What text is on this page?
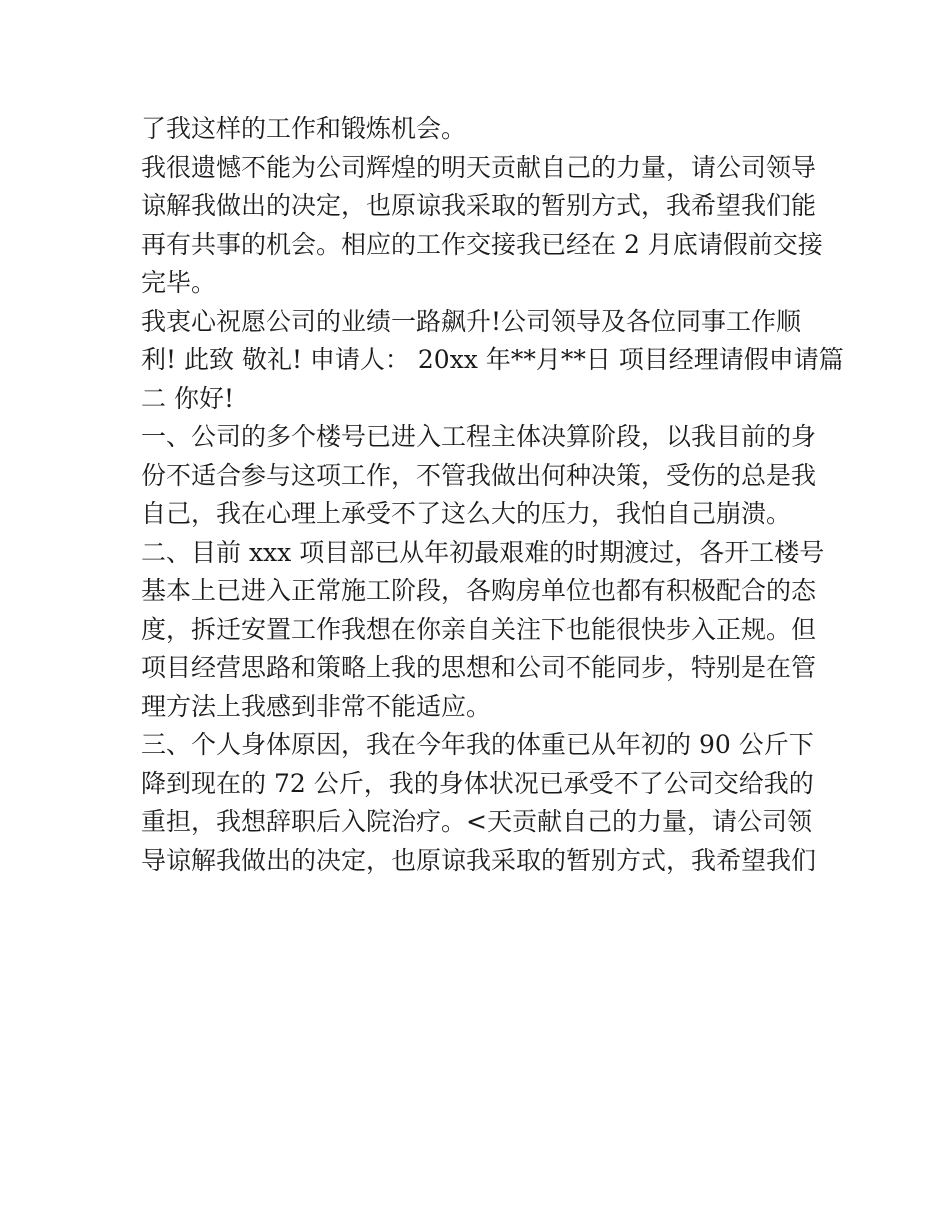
了我这样的工作和锻炼机会。
我很遗憾不能为公司辉煌的明天贡献自己的力量，请公司领导
谅解我做出的决定，也原谅我采取的暂别方式，我希望我们能
再有共事的机会。相应的工作交接我已经在 2 月底请假前交接
完毕。
我衷心祝愿公司的业绩一路飙升!公司领导及各位同事工作顺
利! 此致 敬礼! 申请人： 20xx 年**月**日 项目经理请假申请篇
二 你好!
一、公司的多个楼号已进入工程主体决算阶段，以我目前的身
份不适合参与这项工作，不管我做出何种决策，受伤的总是我
自己，我在心理上承受不了这么大的压力，我怕自己崩溃。
二、目前 xxx 项目部已从年初最艰难的时期渡过，各开工楼号
基本上已进入正常施工阶段，各购房单位也都有积极配合的态
度，拆迁安置工作我想在你亲自关注下也能很快步入正规。但
项目经营思路和策略上我的思想和公司不能同步，特别是在管
理方法上我感到非常不能适应。
三、个人身体原因，我在今年我的体重已从年初的 90 公斤下
降到现在的 72 公斤，我的身体状况已承受不了公司交给我的
重担，我想辞职后入院治疗。<天贡献自己的力量，请公司领
导谅解我做出的决定，也原谅我采取的暂别方式，我希望我们
